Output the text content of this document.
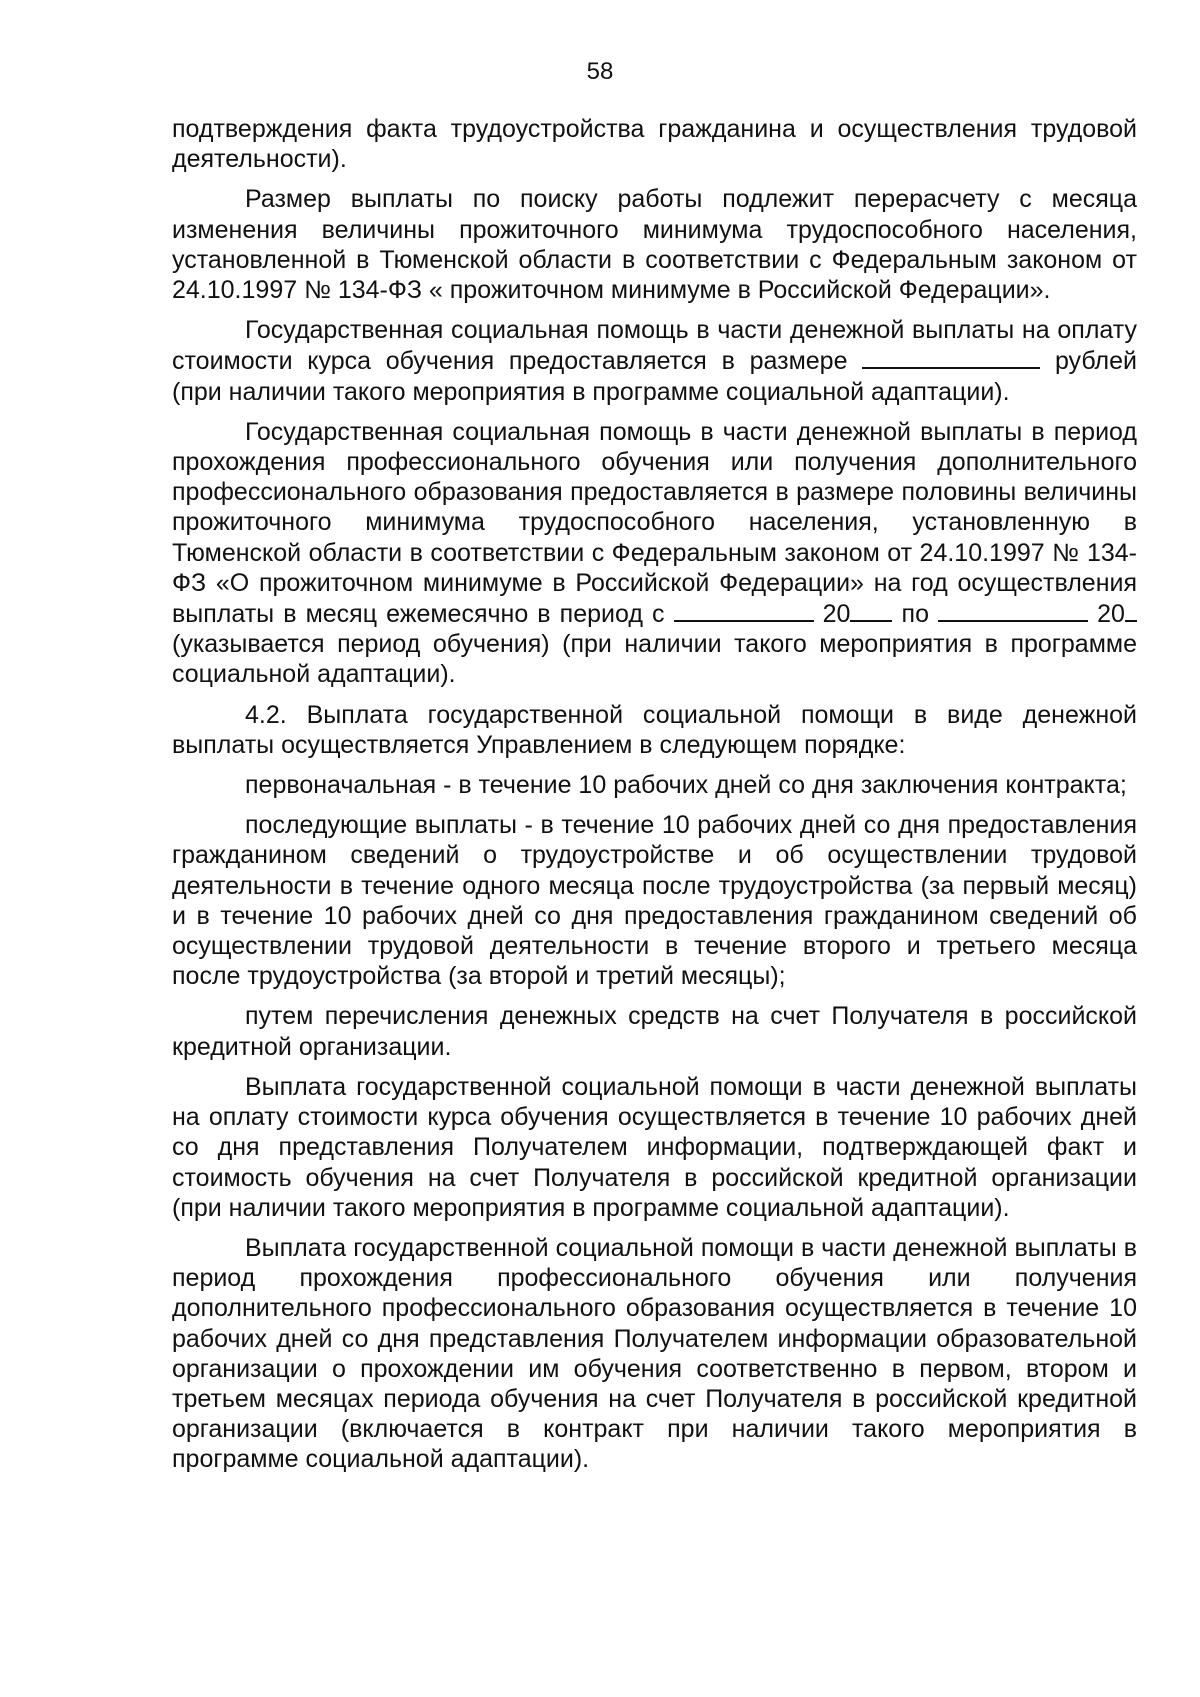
58

подтверждения факта трудоустройства гражданина и осуществления трудовой деятельности).

Размер выплаты по поиску работы подлежит перерасчету с месяца изменения величины прожиточного минимума трудоспособного населения, установленной в Тюменской области в соответствии с Федеральным законом от 24.10.1997 № 134-ФЗ « прожиточном минимуме в Российской Федерации».

Государственная социальная помощь в части денежной выплаты на оплату стоимости курса обучения предоставляется в размере	рублей (при наличии такого мероприятия в программе социальной адаптации).

Государственная социальная помощь в части денежной выплаты в период прохождения профессионального обучения или получения дополнительного профессионального образования предоставляется в размере половины величины прожиточного минимума трудоспособного населения, установленную в Тюменской области в соответствии с Федеральным законом от 24.10.1997 № 134-ФЗ «О прожиточном минимуме в Российской Федерации» на год осуществления выплаты в месяц ежемесячно в период с	20 по	20 (указывается период обучения) (при наличии такого мероприятия в программе социальной адаптации).

4.2. Выплата государственной социальной помощи в виде денежной выплаты осуществляется Управлением в следующем порядке:

первоначальная - в течение 10 рабочих дней со дня заключения контракта;

последующие выплаты - в течение 10 рабочих дней со дня предоставления гражданином сведений о трудоустройстве и об осуществлении трудовой деятельности в течение одного месяца после трудоустройства (за первый месяц) и в течение 10 рабочих дней со дня предоставления гражданином сведений об осуществлении трудовой деятельности в течение второго и третьего месяца после трудоустройства (за второй и третий месяцы);

путем перечисления денежных средств на счет Получателя в российской кредитной организации.

Выплата государственной социальной помощи в части денежной выплаты на оплату стоимости курса обучения осуществляется в течение 10 рабочих дней со дня представления Получателем информации, подтверждающей факт и стоимость обучения на счет Получателя в российской кредитной организации (при наличии такого мероприятия в программе социальной адаптации).

Выплата государственной социальной помощи в части денежной выплаты в период прохождения профессионального обучения или получения дополнительного профессионального образования осуществляется в течение 10 рабочих дней со дня представления Получателем информации образовательной организации о прохождении им обучения соответственно в первом, втором и третьем месяцах периода обучения на счет Получателя в российской кредитной организации (включается в контракт при наличии такого мероприятия в программе социальной адаптации).
